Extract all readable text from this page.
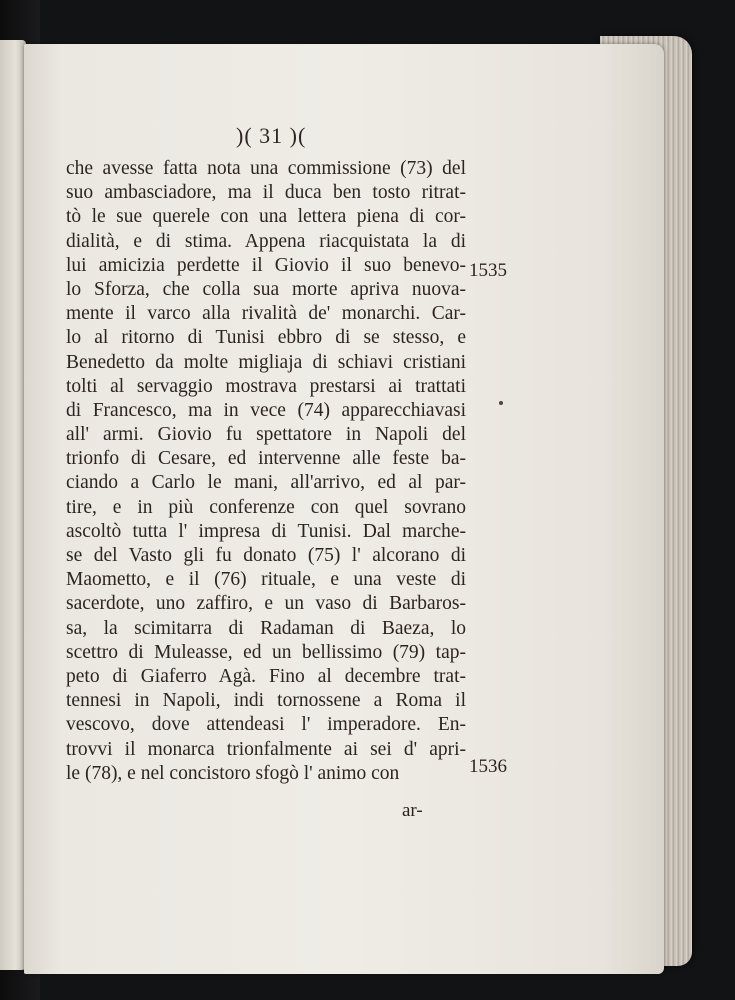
)( 31 )(
che avesse fatta nota una commissione (73) del
suo ambasciadore, ma il duca ben tosto ritrat-
tò le sue querele con una lettera piena di cor-
dialità, e di stima. Appena riacquistata la di
lui amicizia perdette il Giovio il suo benevo-
lo Sforza, che colla sua morte apriva nuova-
mente il varco alla rivalità de' monarchi. Car-
lo al ritorno di Tunisi ebbro di se stesso, e
Benedetto da molte migliaja di schiavi cristiani
tolti al servaggio mostrava prestarsi ai trattati
di Francesco, ma in vece (74) apparecchiavasi
all' armi. Giovio fu spettatore in Napoli del
trionfo di Cesare, ed intervenne alle feste ba-
ciando a Carlo le mani, all'arrivo, ed al par-
tire, e in più conferenze con quel sovrano
ascoltò tutta l' impresa di Tunisi. Dal marche-
se del Vasto gli fu donato (75) l' alcorano di
Maometto, e il (76) rituale, e una veste di
sacerdote, uno zaffiro, e un vaso di Barbaros-
sa, la scimitarra di Radaman di Baeza, lo
scettro di Muleasse, ed un bellissimo (79) tap-
peto di Giaferro Agà. Fino al decembre trat-
tennesi in Napoli, indi tornossene a Roma il
vescovo, dove attendeasi l' imperadore. En-
trovvi il monarca trionfalmente ai sei d' apri-
le (78), e nel concistoro sfogò l' animo con
ar-
1535
1536
